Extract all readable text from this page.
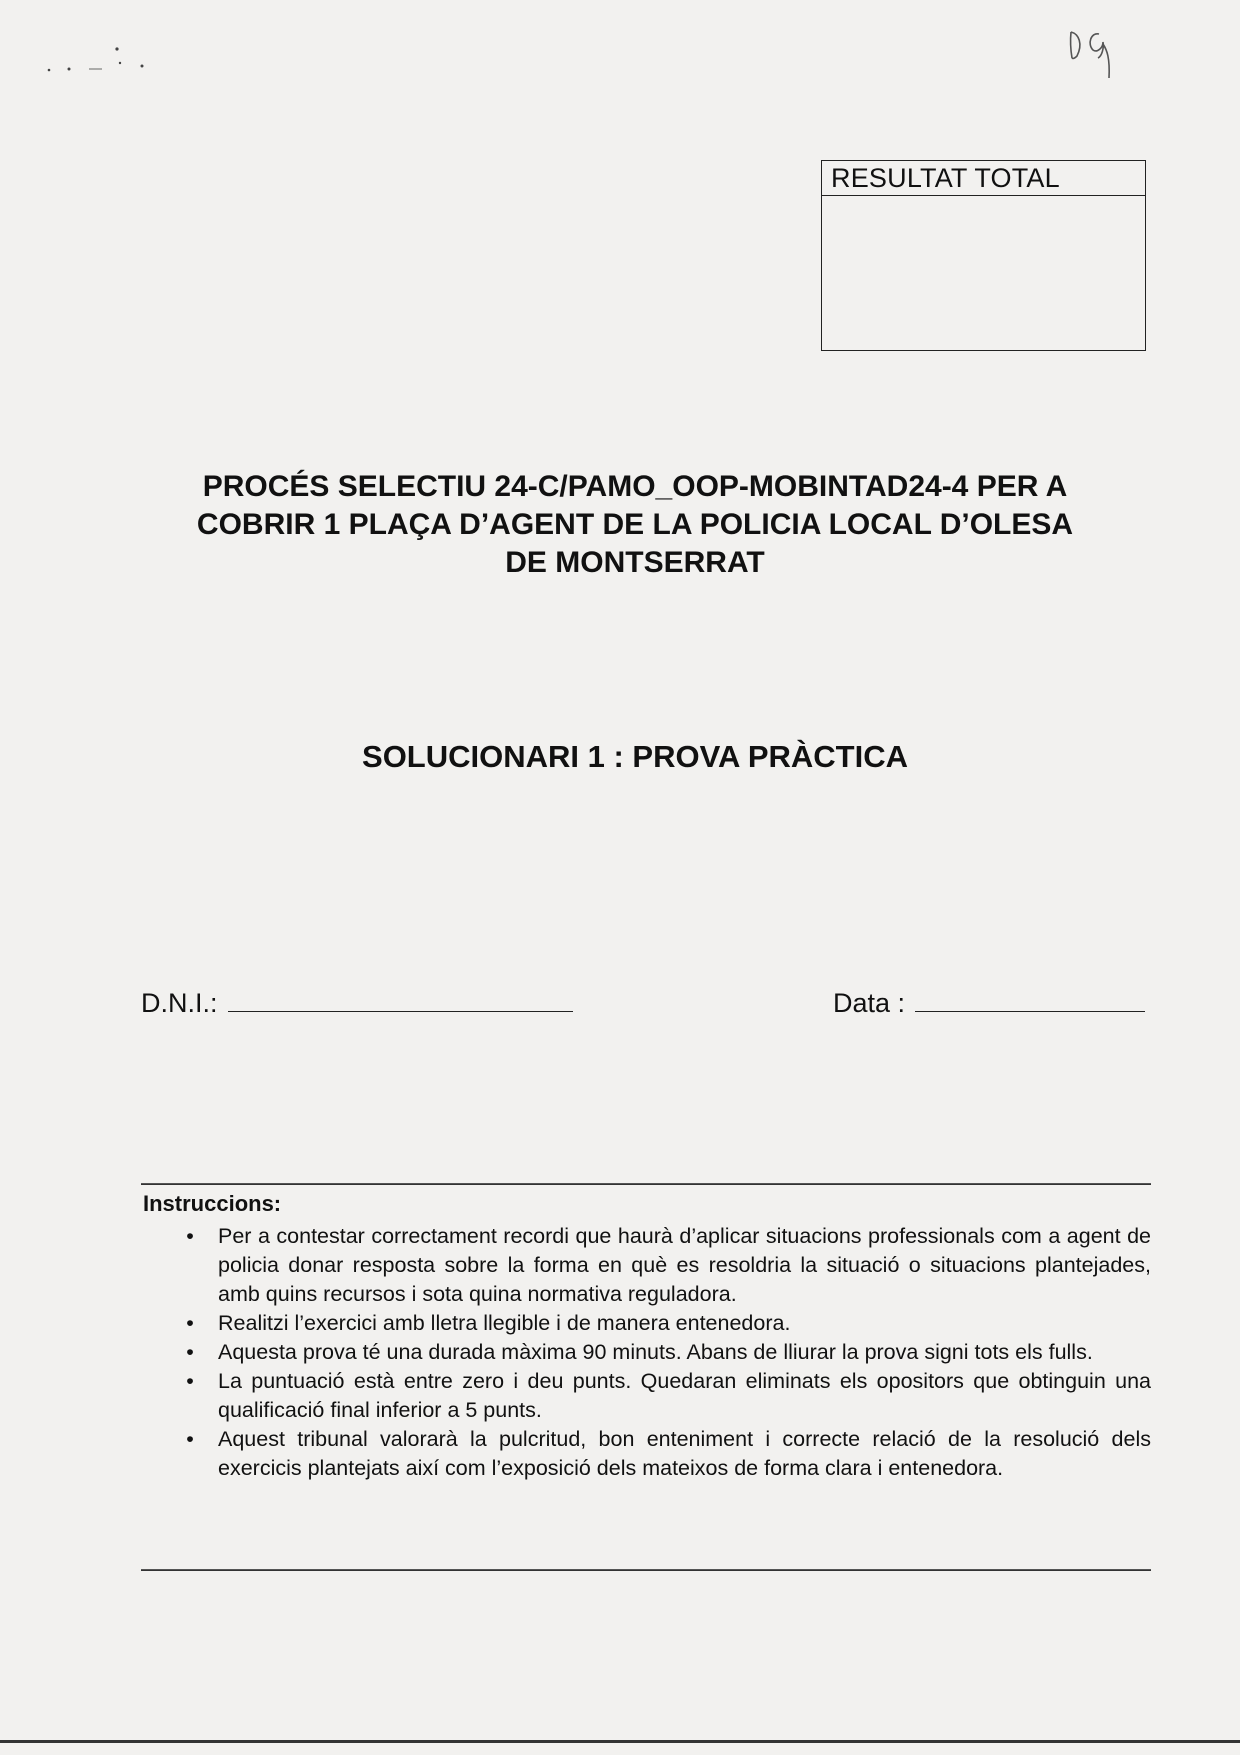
RESULTAT TOTAL
PROCÉS SELECTIU 24-C/PAMO_OOP-MOBINTAD24-4 PER A
COBRIR 1 PLAÇA D’AGENT DE LA POLICIA LOCAL D’OLESA
DE MONTSERRAT
SOLUCIONARI 1 : PROVA PRÀCTICA
D.N.I.:	Data :
Instruccions:
• Per a contestar correctament recordi que haurà d’aplicar situacions professionals com a agent de policia donar resposta sobre la forma en què es resoldria la situació o situacions plantejades, amb quins recursos i sota quina normativa reguladora.
• Realitzi l’exercici amb lletra llegible i de manera entenedora.
• Aquesta prova té una durada màxima 90 minuts. Abans de lliurar la prova signi tots els fulls.
• La puntuació està entre zero i deu punts. Quedaran eliminats els opositors que obtinguin una qualificació final inferior a 5 punts.
• Aquest tribunal valorarà la pulcritud, bon enteniment i correcte relació de la resolució dels exercicis plantejats així com l’exposició dels mateixos de forma clara i entenedora.
